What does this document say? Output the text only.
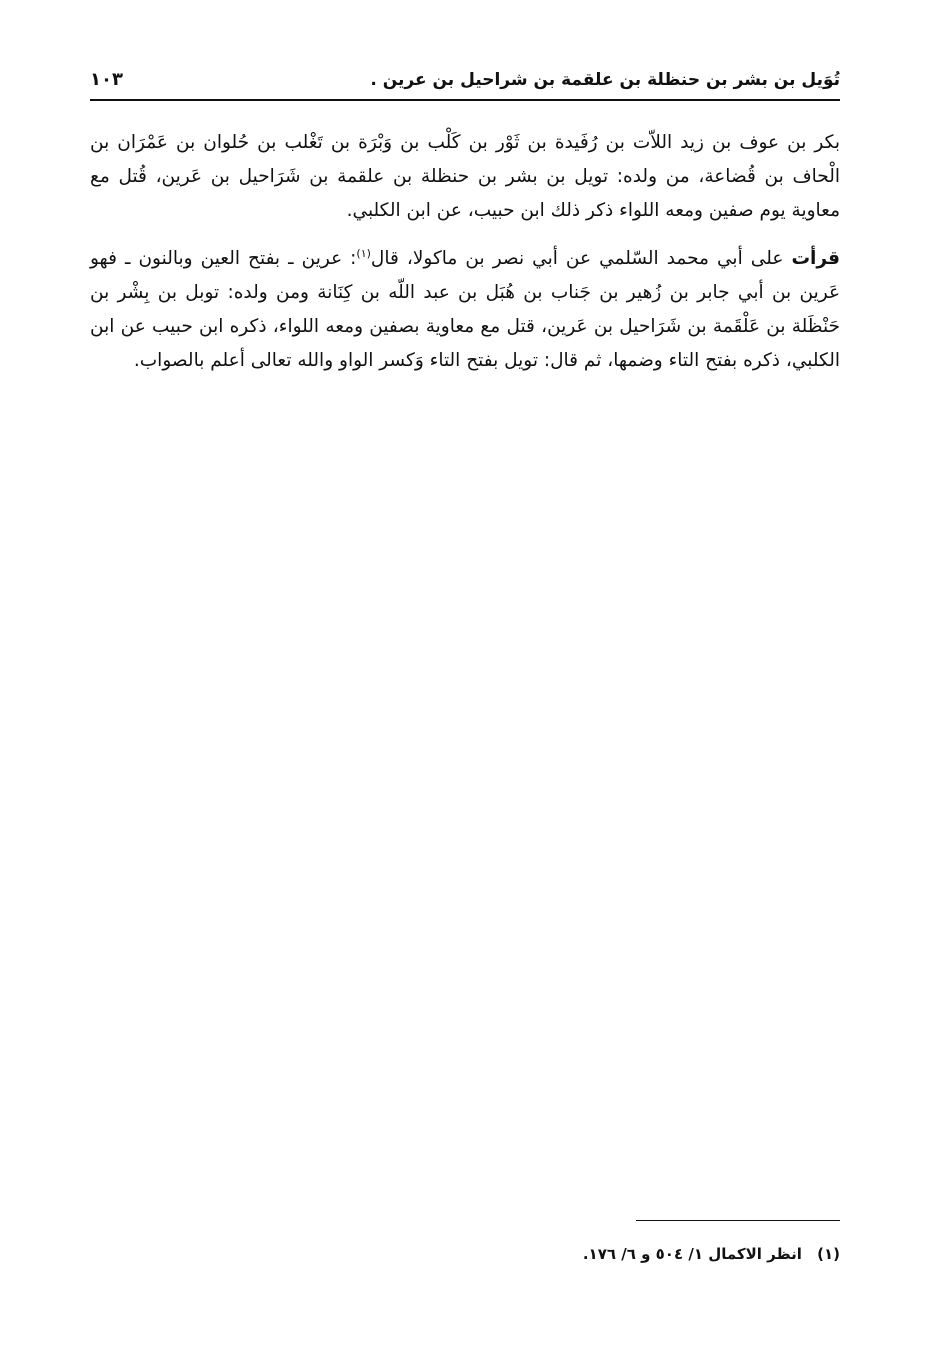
تُوَيل بن بشر بن حنظلة بن علقمة بن شراحيل بن عرين .
١٠٣

بكر بن عوف بن زيد اللاّت بن رُفَيدة بن ثَوْر بن كَلْب بن وَبْرَة بن تَغْلب بن حُلوان بن عَمْرَان بن الْحاف بن قُضاعة، من ولده: تويل بن بشر بن حنظلة بن علقمة بن شَرَاحيل بن عَرين، قُتل مع معاوية يوم صفين ومعه اللواء ذكر ذلك ابن حبيب، عن ابن الكلبي.

قرأت على أبي محمد السّلمي عن أبي نصر بن ماكولا، قال$^{(١)}$: عرين ـ بفتح العين وبالنون ـ فهو عَرين بن أبي جابر بن زُهير بن جَناب بن هُبَل بن عبد اللّه بن كِنَانة ومن ولده: توبل بن بِشْر بن حَنْظَلة بن عَلْقَمة بن شَرَاحيل بن عَرين، قتل مع معاوية بصفين ومعه اللواء، ذكره ابن حبيب عن ابن الكلبي، ذكره بفتح التاء وضمها، ثم قال: تويل بفتح التاء وَكسر الواو والله تعالى أعلم بالصواب.

(١) انظر الاكمال ١/ ٥٠٤ و ٦/ ١٧٦.
